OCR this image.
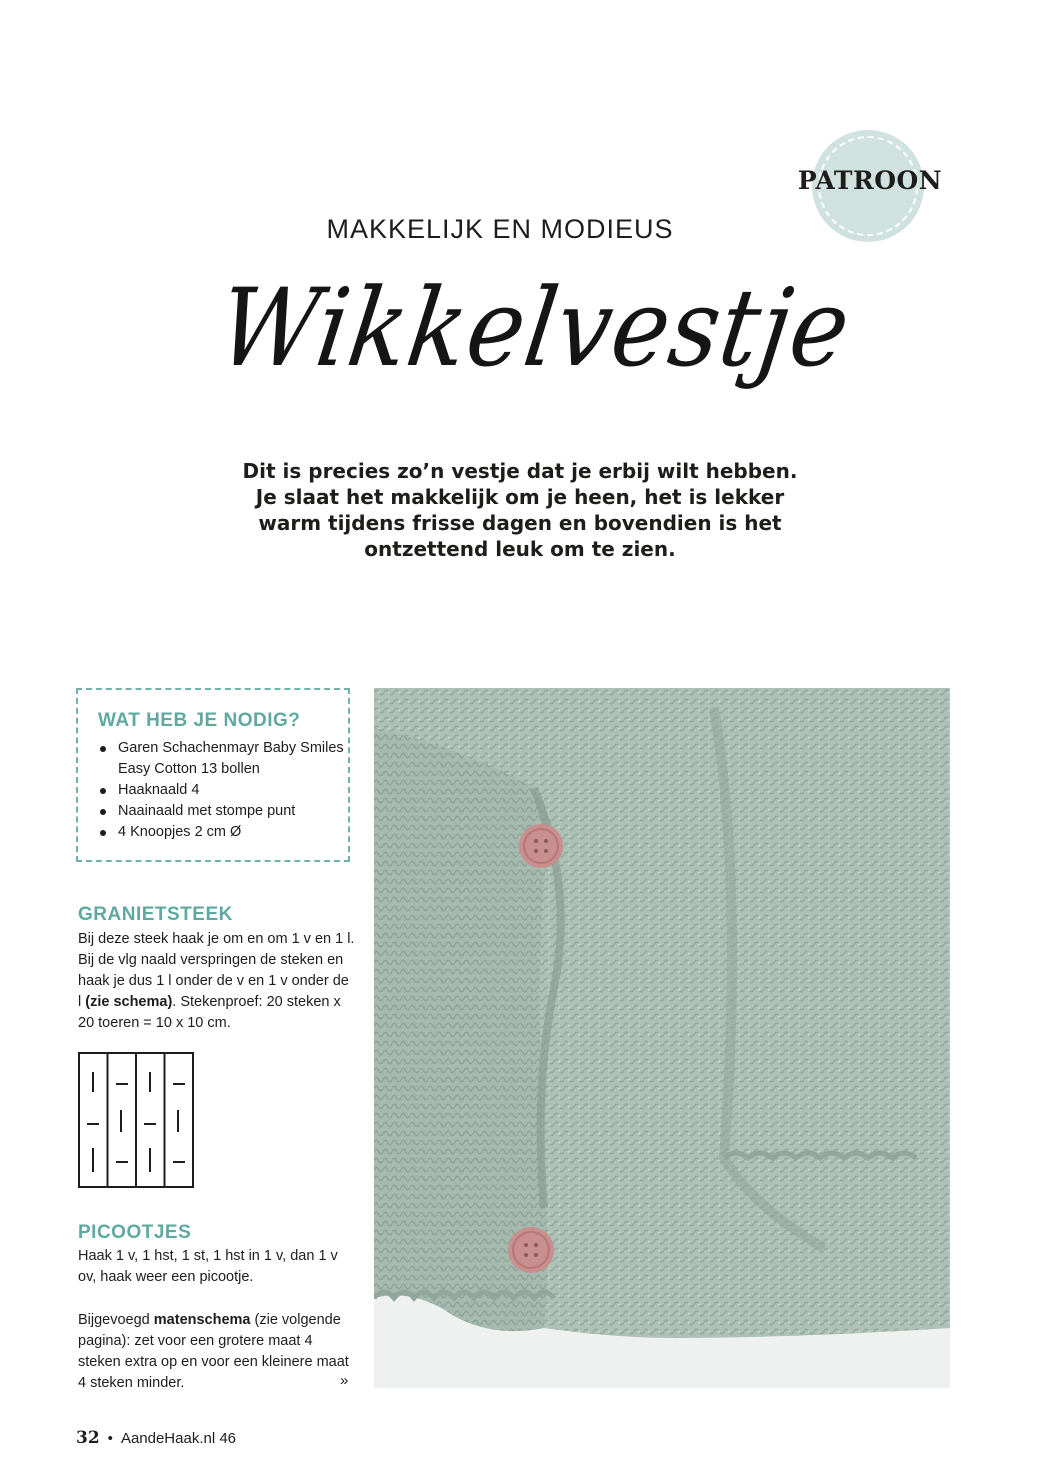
PATROON
MAKKELIJK EN MODIEUS
Wikkelvestje
Dit is precies zo’n vestje dat je erbij wilt hebben.
Je slaat het makkelijk om je heen, het is lekker
warm tijdens frisse dagen en bovendien is het
ontzettend leuk om te zien.
WAT HEB JE NODIG?
Garen Schachenmayr Baby Smiles Easy Cotton 13 bollen
Haaknaald 4
Naainaald met stompe punt
4 Knoopjes 2 cm Ø
GRANIETSTEEK
Bij deze steek haak je om en om 1 v en 1 l. Bij de vlg naald verspringen de steken en haak je dus 1 l onder de v en 1 v onder de l (zie schema). Stekenproef: 20 steken x 20 toeren = 10 x 10 cm.
PICOOTJES
Haak 1 v, 1 hst, 1 st, 1 hst in 1 v, dan 1 v ov, haak weer een picootje.
Bijgevoegd matenschema (zie volgende pagina): zet voor een grotere maat 4 steken extra op en voor een kleinere maat 4 steken minder.	»
32 • AandeHaak.nl 46
